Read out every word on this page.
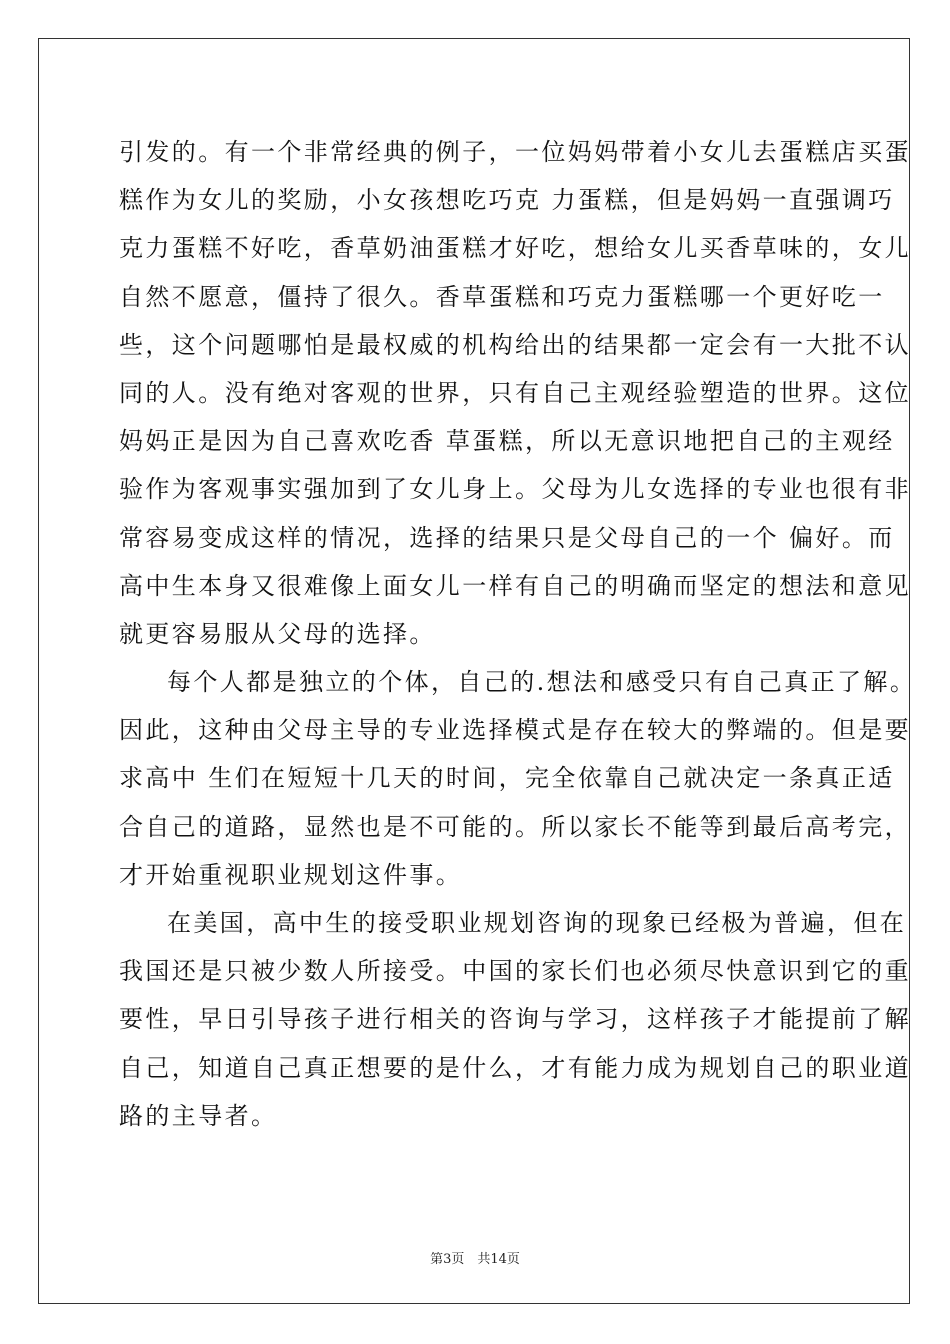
引发的。有一个非常经典的例子，一位妈妈带着小女儿去蛋糕店买蛋
糕作为女儿的奖励，小女孩想吃巧克 力蛋糕，但是妈妈一直强调巧
克力蛋糕不好吃，香草奶油蛋糕才好吃，想给女儿买香草味的，女儿
自然不愿意，僵持了很久。香草蛋糕和巧克力蛋糕哪一个更好吃一
些，这个问题哪怕是最权威的机构给出的结果都一定会有一大批不认
同的人。没有绝对客观的世界，只有自己主观经验塑造的世界。这位
妈妈正是因为自己喜欢吃香 草蛋糕，所以无意识地把自己的主观经
验作为客观事实强加到了女儿身上。父母为儿女选择的专业也很有非
常容易变成这样的情况，选择的结果只是父母自己的一个 偏好。而
高中生本身又很难像上面女儿一样有自己的明确而坚定的想法和意见
就更容易服从父母的选择。
每个人都是独立的个体，自己的.想法和感受只有自己真正了解。
因此，这种由父母主导的专业选择模式是存在较大的弊端的。但是要
求高中 生们在短短十几天的时间，完全依靠自己就决定一条真正适
合自己的道路，显然也是不可能的。所以家长不能等到最后高考完，
才开始重视职业规划这件事。
在美国，高中生的接受职业规划咨询的现象已经极为普遍，但在
我国还是只被少数人所接受。中国的家长们也必须尽快意识到它的重
要性，早日引导孩子进行相关的咨询与学习，这样孩子才能提前了解
自己，知道自己真正想要的是什么，才有能力成为规划自己的职业道
路的主导者。
第3页　共14页
